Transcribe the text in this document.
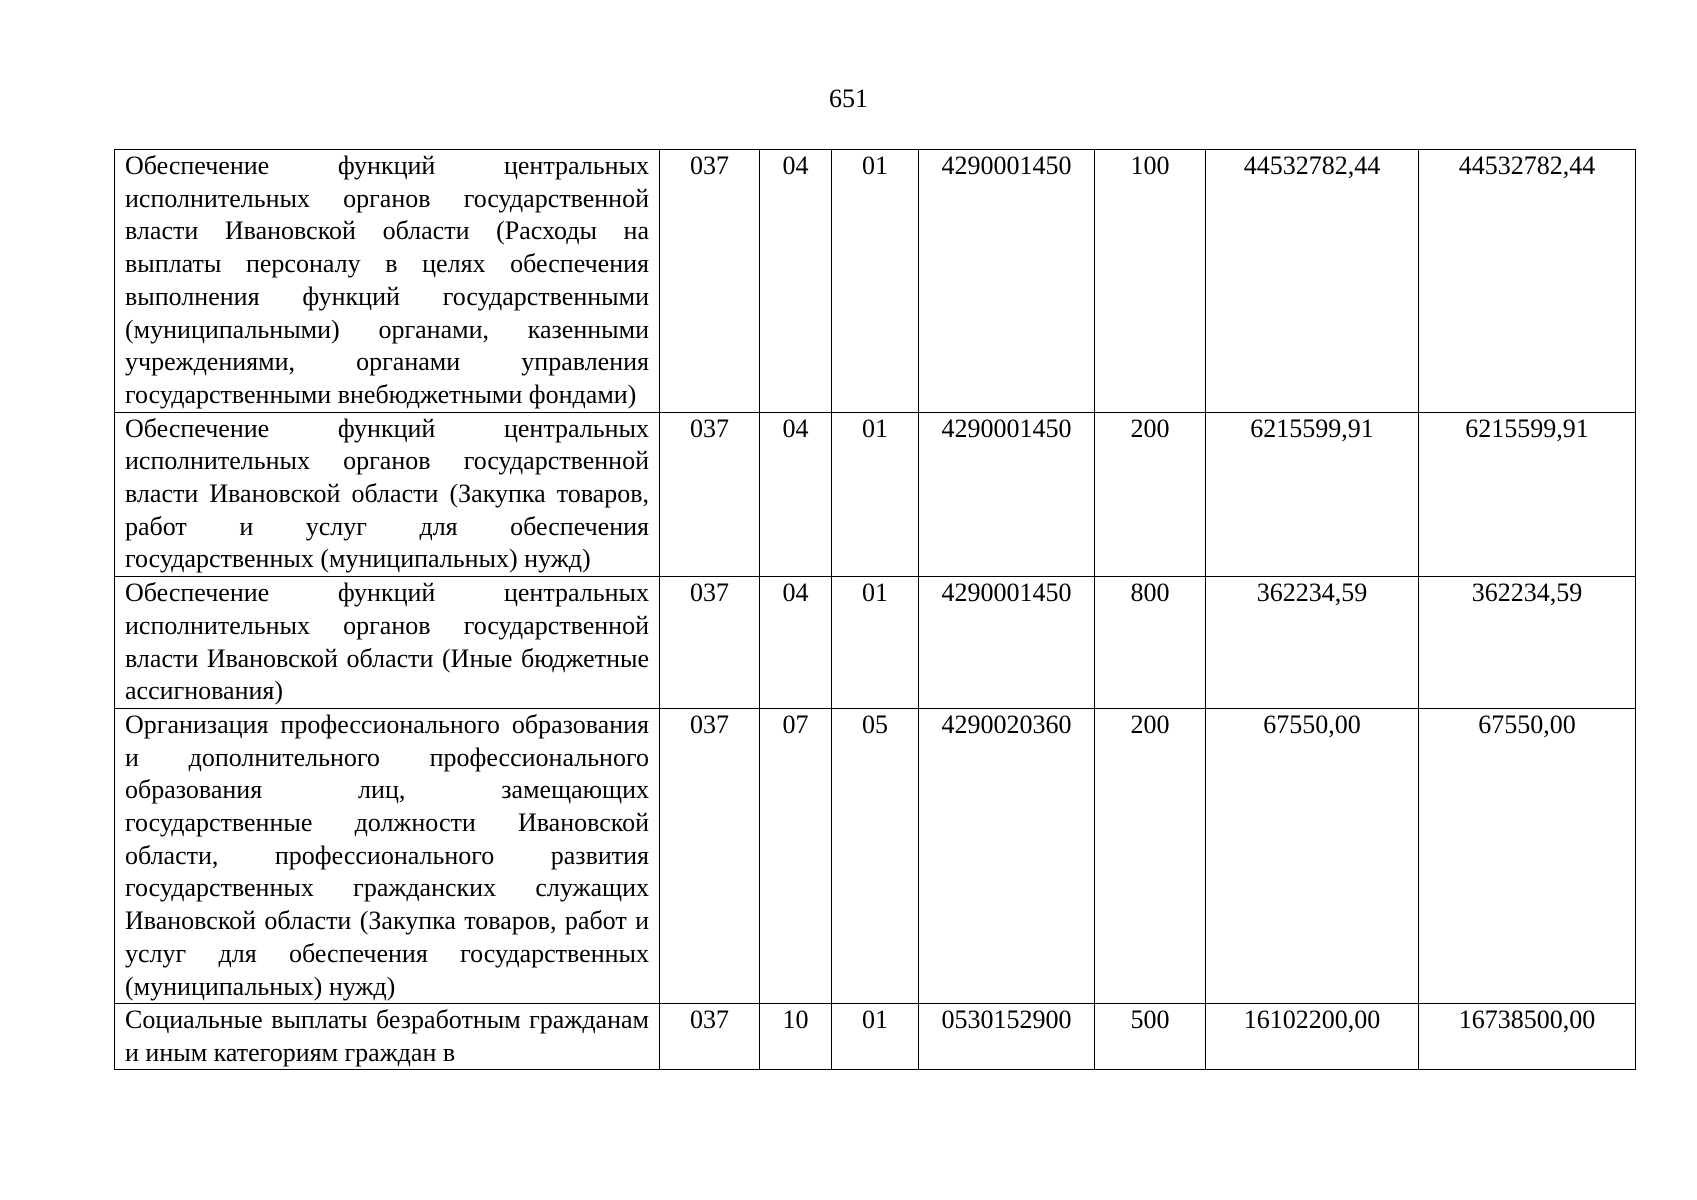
651
Обеспечение функций центральных исполнительных органов государственной власти Ивановской области (Расходы на выплаты персоналу в целях обеспечения выполнения функций государственными (муниципальными) органами, казенными учреждениями, органами управления государственными внебюджетными фондами)	037	04	01	4290001450	100	44532782,44	44532782,44
Обеспечение функций центральных исполнительных органов государственной власти Ивановской области (Закупка товаров, работ и услуг для обеспечения государственных (муниципальных) нужд)	037	04	01	4290001450	200	6215599,91	6215599,91
Обеспечение функций центральных исполнительных органов государственной власти Ивановской области (Иные бюджетные ассигнования)	037	04	01	4290001450	800	362234,59	362234,59
Организация профессионального образования и дополнительного профессионального образования лиц, замещающих государственные должности Ивановской области, профессионального развития государственных гражданских служащих Ивановской области (Закупка товаров, работ и услуг для обеспечения государственных (муниципальных) нужд)	037	07	05	4290020360	200	67550,00	67550,00
Социальные выплаты безработным гражданам и иным категориям граждан в	037	10	01	0530152900	500	16102200,00	16738500,00
